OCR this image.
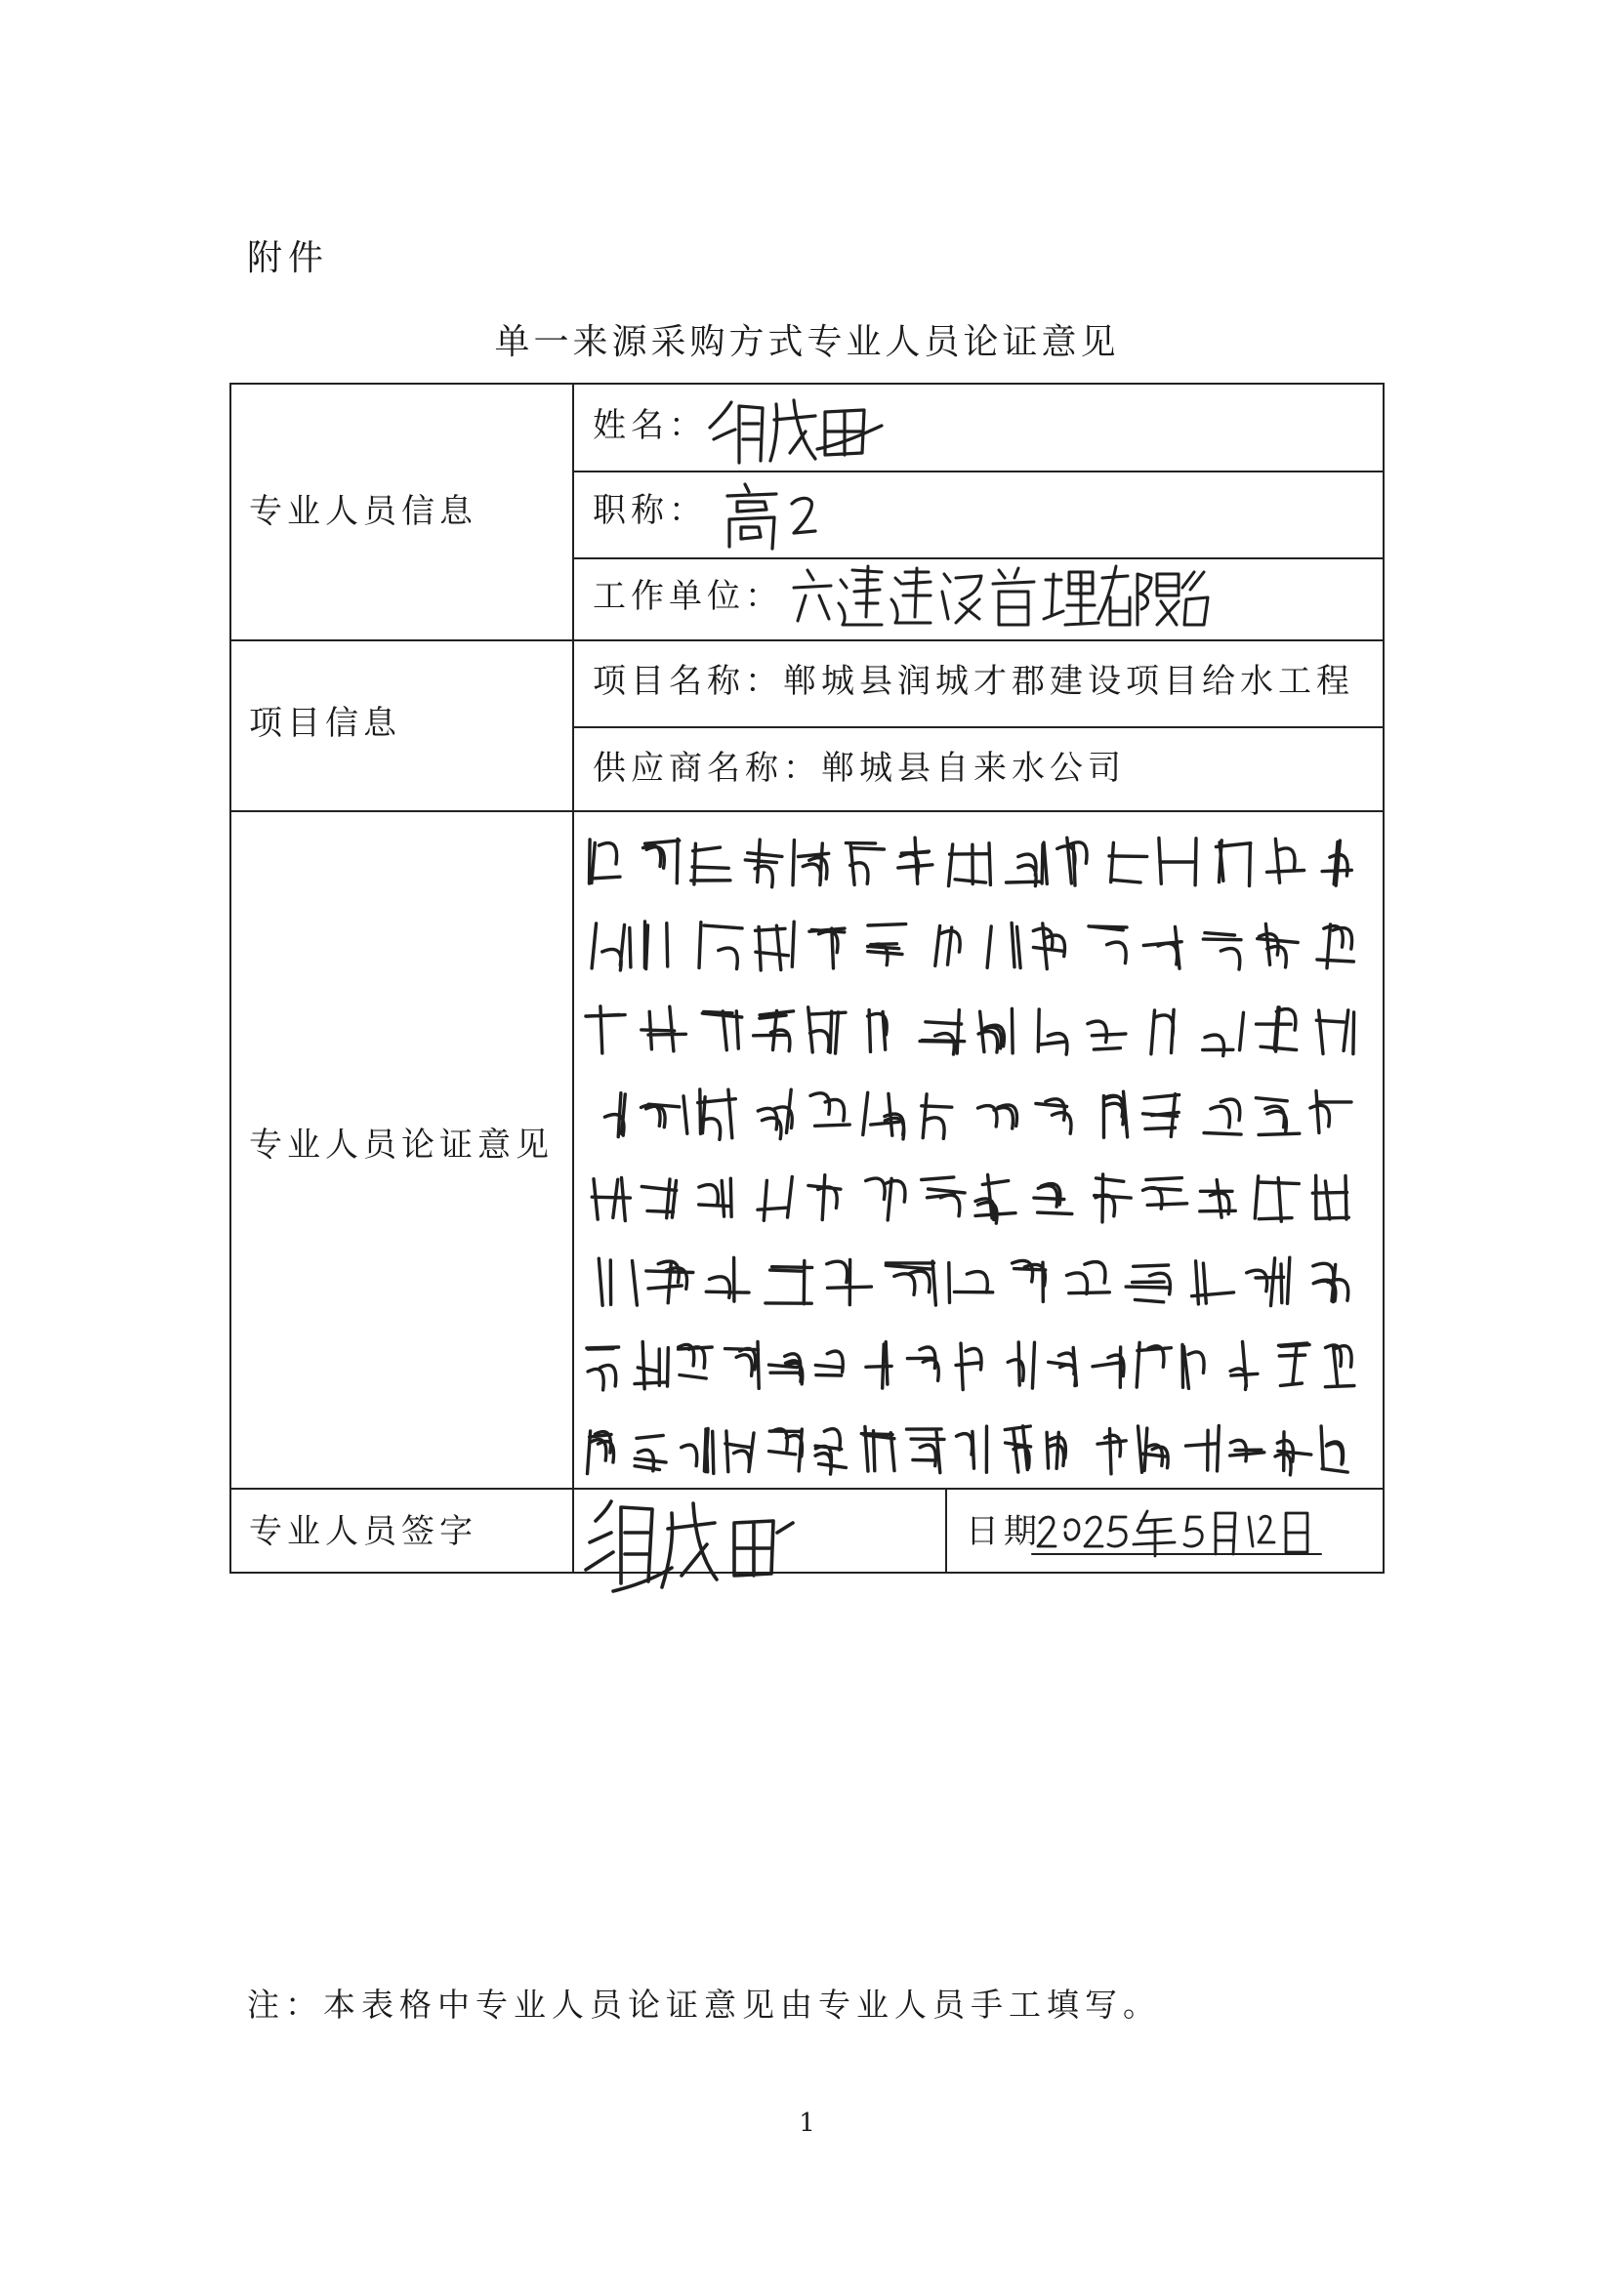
附件
单一来源采购方式专业人员论证意见
专业人员信息
姓名：
职称：
工作单位：
项目信息
项目名称：郸城县润城才郡建设项目给水工程
供应商名称：郸城县自来水公司
专业人员论证意见
专业人员签字	日期
注：本表格中专业人员论证意见由专业人员手工填写。
1
